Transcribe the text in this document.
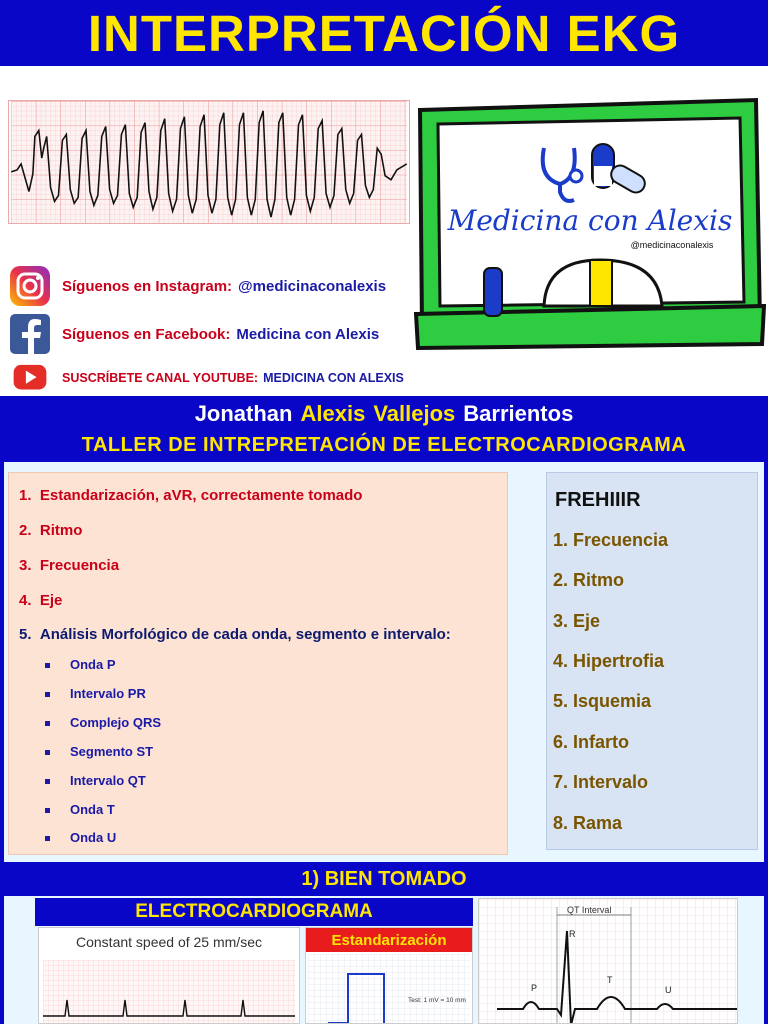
INTERPRETACIÓN EKG
Medicina con Alexis
@medicinaconalexis
Síguenos en Instagram: @medicinaconalexis
Síguenos en Facebook: Medicina con Alexis
SUSCRÍBETE CANAL YOUTUBE: MEDICINA CON ALEXIS
Jonathan Alexis Vallejos Barrientos
TALLER DE INTREPRETACIÓN DE ELECTROCARDIOGRAMA
1. Estandarización, aVR, correctamente tomado
2. Ritmo
3. Frecuencia
4. Eje
5. Análisis Morfológico de cada onda, segmento e intervalo:
Onda P
Intervalo PR
Complejo QRS
Segmento ST
Intervalo QT
Onda T
Onda U
FREHIIIR
1. Frecuencia
2. Ritmo
3. Eje
4. Hipertrofia
5. Isquemia
6. Infarto
7. Intervalo
8. Rama
1) BIEN TOMADO
ELECTROCARDIOGRAMA
Constant speed of 25 mm/sec	Estandarización
Test: 1 mV = 10 mm
QT Interval
R
P
T
U
